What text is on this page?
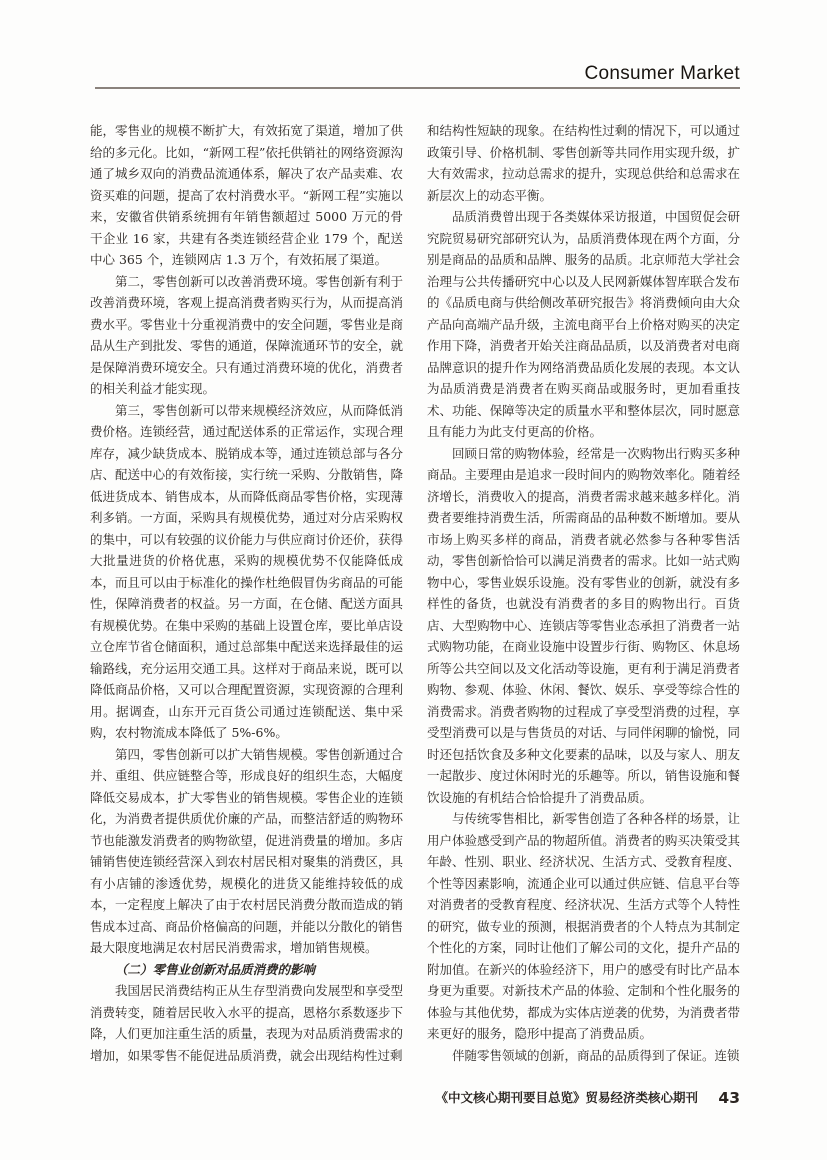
Consumer Market

能，零售业的规模不断扩大，有效拓宽了渠道，增加了供给的多元化。比如，“新网工程”依托供销社的网络资源沟通了城乡双向的消费品流通体系，解决了农产品卖难、农资买难的问题，提高了农村消费水平。“新网工程”实施以来，安徽省供销系统拥有年销售额超过 5000 万元的骨干企业 16 家，共建有各类连锁经营企业 179 个，配送中心 365 个，连锁网店 1.3 万个，有效拓展了渠道。

第二，零售创新可以改善消费环境。零售创新有利于改善消费环境，客观上提高消费者购买行为，从而提高消费水平。零售业十分重视消费中的安全问题，零售业是商品从生产到批发、零售的通道，保障流通环节的安全，就是保障消费环境安全。只有通过消费环境的优化，消费者的相关利益才能实现。

第三，零售创新可以带来规模经济效应，从而降低消费价格。连锁经营，通过配送体系的正常运作，实现合理库存，减少缺货成本、脱销成本等，通过连锁总部与各分店、配送中心的有效衔接，实行统一采购、分散销售，降低进货成本、销售成本，从而降低商品零售价格，实现薄利多销。一方面，采购具有规模优势，通过对分店采购权的集中，可以有较强的议价能力与供应商讨价还价，获得大批量进货的价格优惠，采购的规模优势不仅能降低成本，而且可以由于标准化的操作杜绝假冒伪劣商品的可能性，保障消费者的权益。另一方面，在仓储、配送方面具有规模优势。在集中采购的基础上设置仓库，要比单店设立仓库节省仓储面积，通过总部集中配送来选择最佳的运输路线，充分运用交通工具。这样对于商品来说，既可以降低商品价格，又可以合理配置资源，实现资源的合理利用。据调查，山东开元百货公司通过连锁配送、集中采购，农村物流成本降低了 5%-6%。

第四，零售创新可以扩大销售规模。零售创新通过合并、重组、供应链整合等，形成良好的组织生态，大幅度降低交易成本，扩大零售业的销售规模。零售企业的连锁化，为消费者提供质优价廉的产品，而整洁舒适的购物环节也能激发消费者的购物欲望，促进消费量的增加。多店铺销售使连锁经营深入到农村居民相对聚集的消费区，具有小店铺的渗透优势，规模化的进货又能维持较低的成本，一定程度上解决了由于农村居民消费分散而造成的销售成本过高、商品价格偏高的问题，并能以分散化的销售最大限度地满足农村居民消费需求，增加销售规模。

（二）零售业创新对品质消费的影响

我国居民消费结构正从生存型消费向发展型和享受型消费转变，随着居民收入水平的提高，恩格尔系数逐步下降，人们更加注重生活的质量，表现为对品质消费需求的增加，如果零售不能促进品质消费，就会出现结构性过剩

和结构性短缺的现象。在结构性过剩的情况下，可以通过政策引导、价格机制、零售创新等共同作用实现升级，扩大有效需求，拉动总需求的提升，实现总供给和总需求在新层次上的动态平衡。

品质消费曾出现于各类媒体采访报道，中国贸促会研究院贸易研究部研究认为，品质消费体现在两个方面，分别是商品的品质和品牌、服务的品质。北京师范大学社会治理与公共传播研究中心以及人民网新媒体智库联合发布的《品质电商与供给侧改革研究报告》将消费倾向由大众产品向高端产品升级，主流电商平台上价格对购买的决定作用下降，消费者开始关注商品品质，以及消费者对电商品牌意识的提升作为网络消费品质化发展的表现。本文认为品质消费是消费者在购买商品或服务时，更加看重技术、功能、保障等决定的质量水平和整体层次，同时愿意且有能力为此支付更高的价格。

回顾日常的购物体验，经常是一次购物出行购买多种商品。主要理由是追求一段时间内的购物效率化。随着经济增长，消费收入的提高，消费者需求越来越多样化。消费者要维持消费生活，所需商品的品种数不断增加。要从市场上购买多样的商品，消费者就必然参与各种零售活动，零售创新恰恰可以满足消费者的需求。比如一站式购物中心，零售业娱乐设施。没有零售业的创新，就没有多样性的备货，也就没有消费者的多目的购物出行。百货店、大型购物中心、连锁店等零售业态承担了消费者一站式购物功能，在商业设施中设置步行街、购物区、休息场所等公共空间以及文化活动等设施，更有利于满足消费者购物、参观、体验、休闲、餐饮、娱乐、享受等综合性的消费需求。消费者购物的过程成了享受型消费的过程，享受型消费可以是与售货员的对话、与同伴闲聊的愉悦，同时还包括饮食及多种文化要素的品味，以及与家人、朋友一起散步、度过休闲时光的乐趣等。所以，销售设施和餐饮设施的有机结合恰恰提升了消费品质。

与传统零售相比，新零售创造了各种各样的场景，让用户体验感受到产品的物超所值。消费者的购买决策受其年龄、性别、职业、经济状况、生活方式、受教育程度、个性等因素影响，流通企业可以通过供应链、信息平台等对消费者的受教育程度、经济状况、生活方式等个人特性的研究，做专业的预测，根据消费者的个人特点为其制定个性化的方案，同时让他们了解公司的文化，提升产品的附加值。在新兴的体验经济下，用户的感受有时比产品本身更为重要。对新技术产品的体验、定制和个性化服务的体验与其他优势，都成为实体店逆袭的优势，为消费者带来更好的服务，隐形中提高了消费品质。

伴随零售领域的创新，商品的品质得到了保证。连锁

《中文核心期刊要目总览》贸易经济类核心期刊 43
